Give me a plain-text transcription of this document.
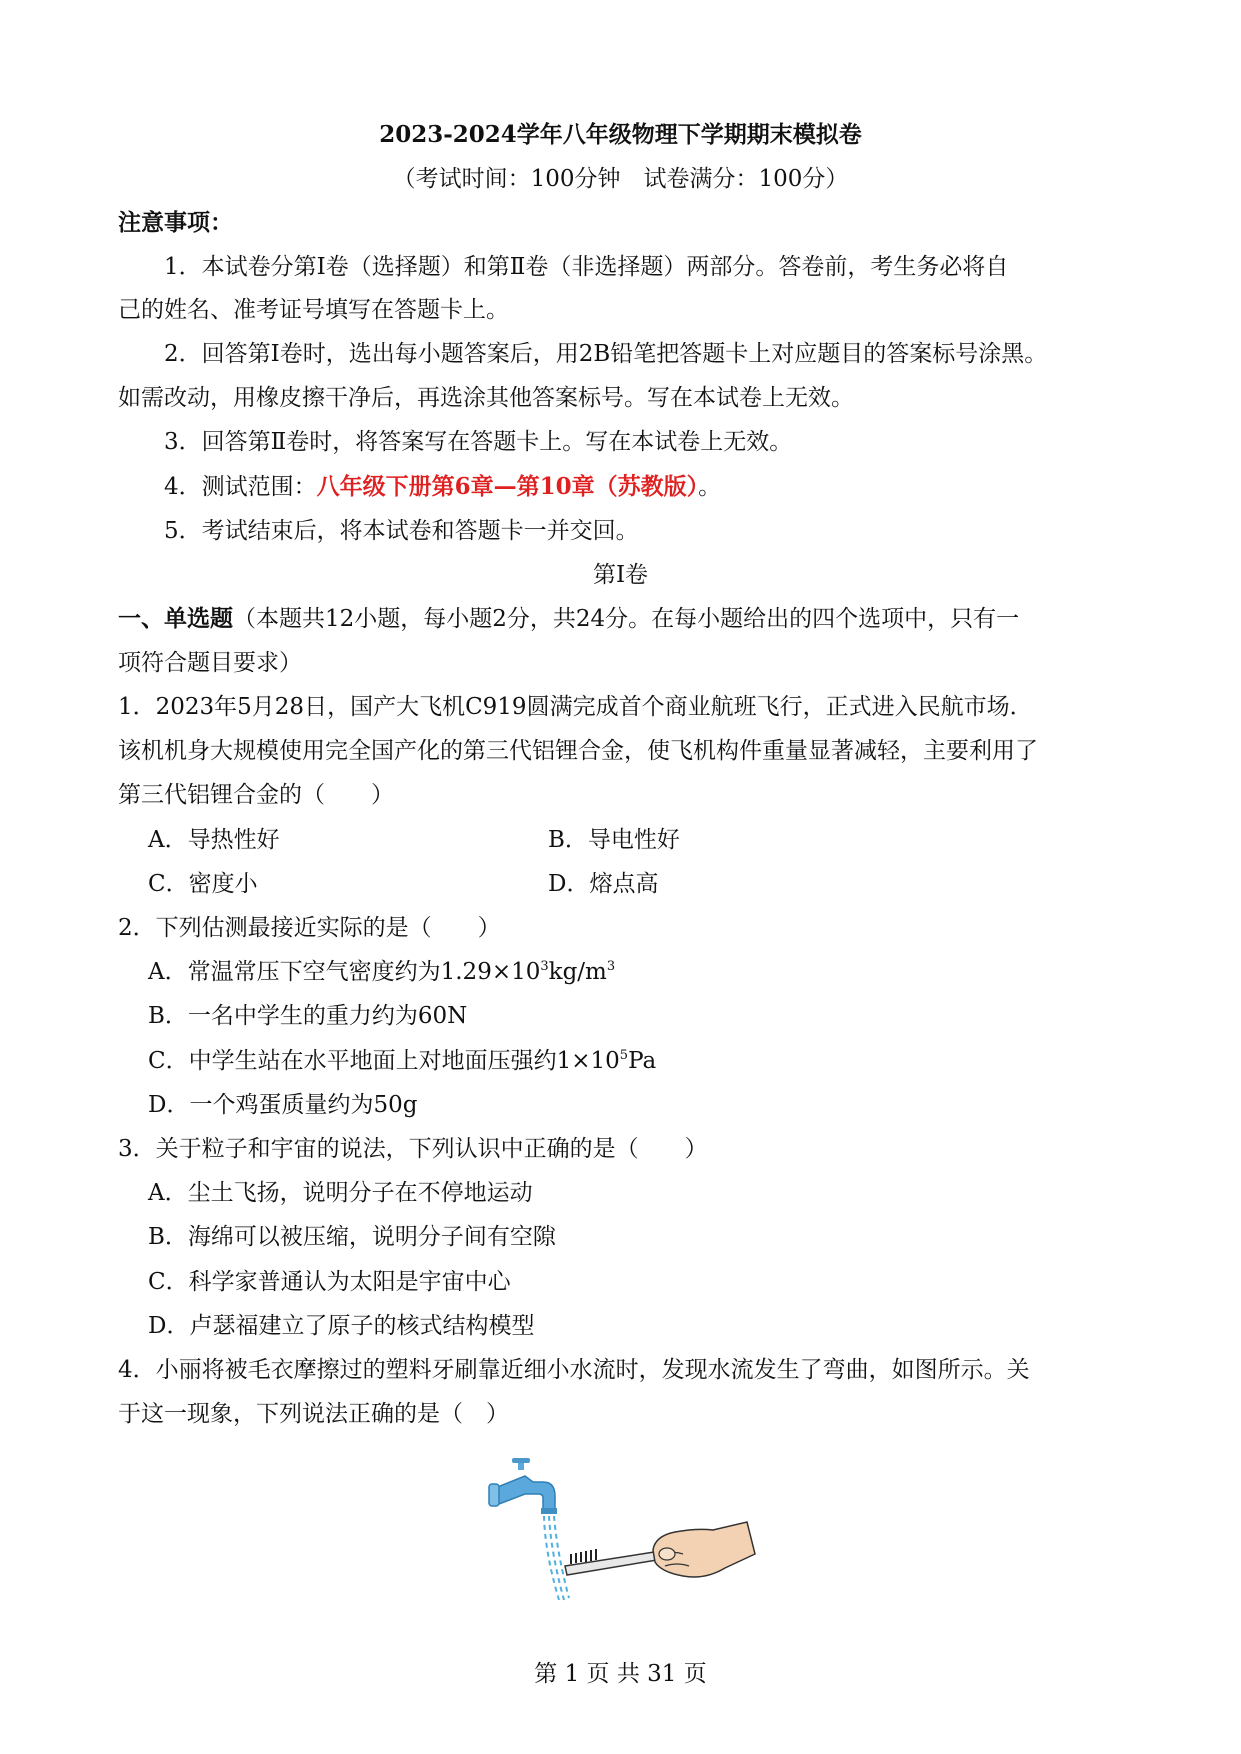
2023-2024学年八年级物理下学期期末模拟卷
（考试时间：100分钟　试卷满分：100分）
注意事项：
1．本试卷分第Ⅰ卷（选择题）和第Ⅱ卷（非选择题）两部分。答卷前，考生务必将自
己的姓名、准考证号填写在答题卡上。
2．回答第Ⅰ卷时，选出每小题答案后，用2B铅笔把答题卡上对应题目的答案标号涂黑。
如需改动，用橡皮擦干净后，再选涂其他答案标号。写在本试卷上无效。
3．回答第Ⅱ卷时，将答案写在答题卡上。写在本试卷上无效。
4．测试范围：八年级下册第6章—第10章（苏教版）。
5．考试结束后，将本试卷和答题卡一并交回。
第Ⅰ卷
一、单选题（本题共12小题，每小题2分，共24分。在每小题给出的四个选项中，只有一
项符合题目要求）
1．2023年5月28日，国产大飞机C919圆满完成首个商业航班飞行，正式进入民航市场．
该机机身大规模使用完全国产化的第三代铝锂合金，使飞机构件重量显著减轻，主要利用了
第三代铝锂合金的（　　）
A．导热性好	B．导电性好
C．密度小	D．熔点高
2．下列估测最接近实际的是（　　）
A．常温常压下空气密度约为$1.29\times 10^3kg/m^3$
B．一名中学生的重力约为60N
C．中学生站在水平地面上对地面压强约$1\times 10^5Pa$
D．一个鸡蛋质量约为50g
3．关于粒子和宇宙的说法，下列认识中正确的是（　　）
A．尘土飞扬，说明分子在不停地运动
B．海绵可以被压缩，说明分子间有空隙
C．科学家普通认为太阳是宇宙中心
D．卢瑟福建立了原子的核式结构模型
4．小丽将被毛衣摩擦过的塑料牙刷靠近细小水流时，发现水流发生了弯曲，如图所示。关
于这一现象，下列说法正确的是（　）
第 1 页 共 31 页
